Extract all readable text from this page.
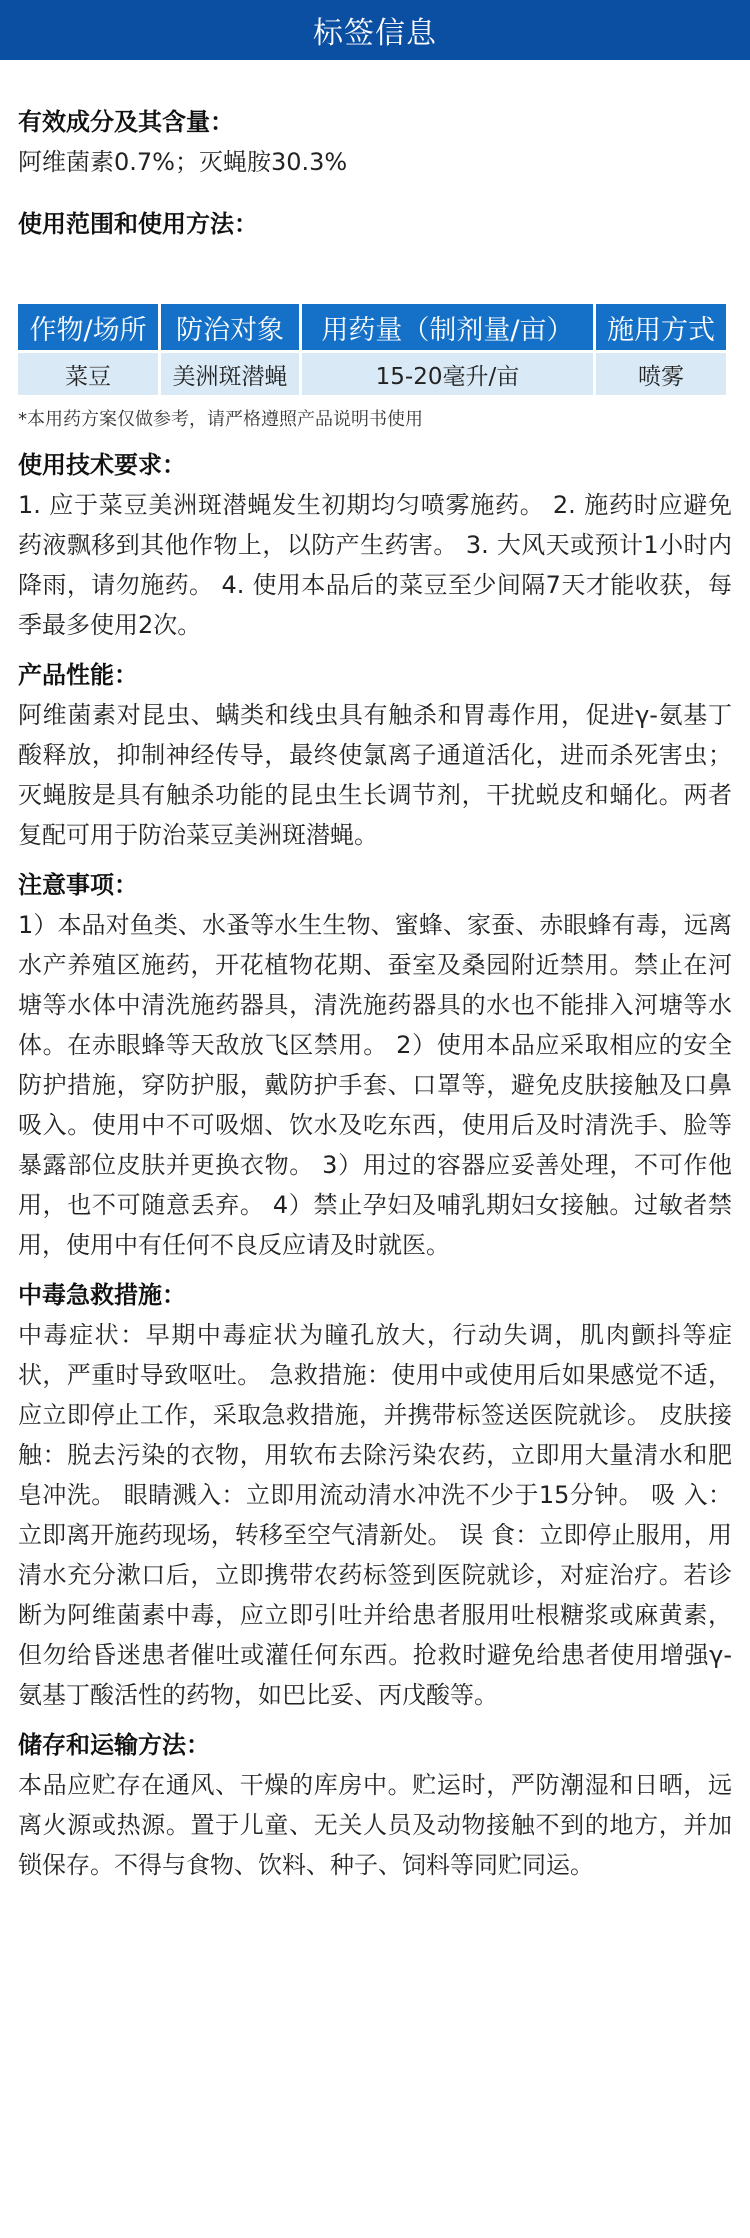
标签信息

有效成分及其含量：

阿维菌素0.7%；灭蝇胺30.3%

使用范围和使用方法：

作物/场所	防治对象	用药量（制剂量/亩）	施用方式
菜豆	美洲斑潜蝇	15-20毫升/亩	喷雾

*本用药方案仅做参考，请严格遵照产品说明书使用

使用技术要求：

1. 应于菜豆美洲斑潜蝇发生初期均匀喷雾施药。 2. 施药时应避免药液飘移到其他作物上，以防产生药害。 3. 大风天或预计1小时内降雨，请勿施药。 4. 使用本品后的菜豆至少间隔7天才能收获，每季最多使用2次。

产品性能：

阿维菌素对昆虫、螨类和线虫具有触杀和胃毒作用，促进γ-氨基丁酸释放，抑制神经传导，最终使氯离子通道活化，进而杀死害虫；灭蝇胺是具有触杀功能的昆虫生长调节剂，干扰蜕皮和蛹化。两者复配可用于防治菜豆美洲斑潜蝇。

注意事项：

1）本品对鱼类、水蚤等水生生物、蜜蜂、家蚕、赤眼蜂有毒，远离水产养殖区施药，开花植物花期、蚕室及桑园附近禁用。禁止在河塘等水体中清洗施药器具，清洗施药器具的水也不能排入河塘等水体。在赤眼蜂等天敌放飞区禁用。 2）使用本品应采取相应的安全防护措施，穿防护服，戴防护手套、口罩等，避免皮肤接触及口鼻吸入。使用中不可吸烟、饮水及吃东西，使用后及时清洗手、脸等暴露部位皮肤并更换衣物。 3）用过的容器应妥善处理，不可作他用，也不可随意丢弃。 4）禁止孕妇及哺乳期妇女接触。过敏者禁用，使用中有任何不良反应请及时就医。

中毒急救措施：

中毒症状：早期中毒症状为瞳孔放大，行动失调，肌肉颤抖等症状，严重时导致呕吐。 急救措施：使用中或使用后如果感觉不适，应立即停止工作，采取急救措施，并携带标签送医院就诊。 皮肤接触：脱去污染的衣物，用软布去除污染农药，立即用大量清水和肥皂冲洗。 眼睛溅入：立即用流动清水冲洗不少于15分钟。 吸 入：立即离开施药现场，转移至空气清新处。 误 食：立即停止服用，用清水充分漱口后，立即携带农药标签到医院就诊，对症治疗。若诊断为阿维菌素中毒，应立即引吐并给患者服用吐根糖浆或麻黄素，但勿给昏迷患者催吐或灌任何东西。抢救时避免给患者使用增强γ-氨基丁酸活性的药物，如巴比妥、丙戊酸等。

储存和运输方法：

本品应贮存在通风、干燥的库房中。贮运时，严防潮湿和日晒，远离火源或热源。置于儿童、无关人员及动物接触不到的地方，并加锁保存。不得与食物、饮料、种子、饲料等同贮同运。
